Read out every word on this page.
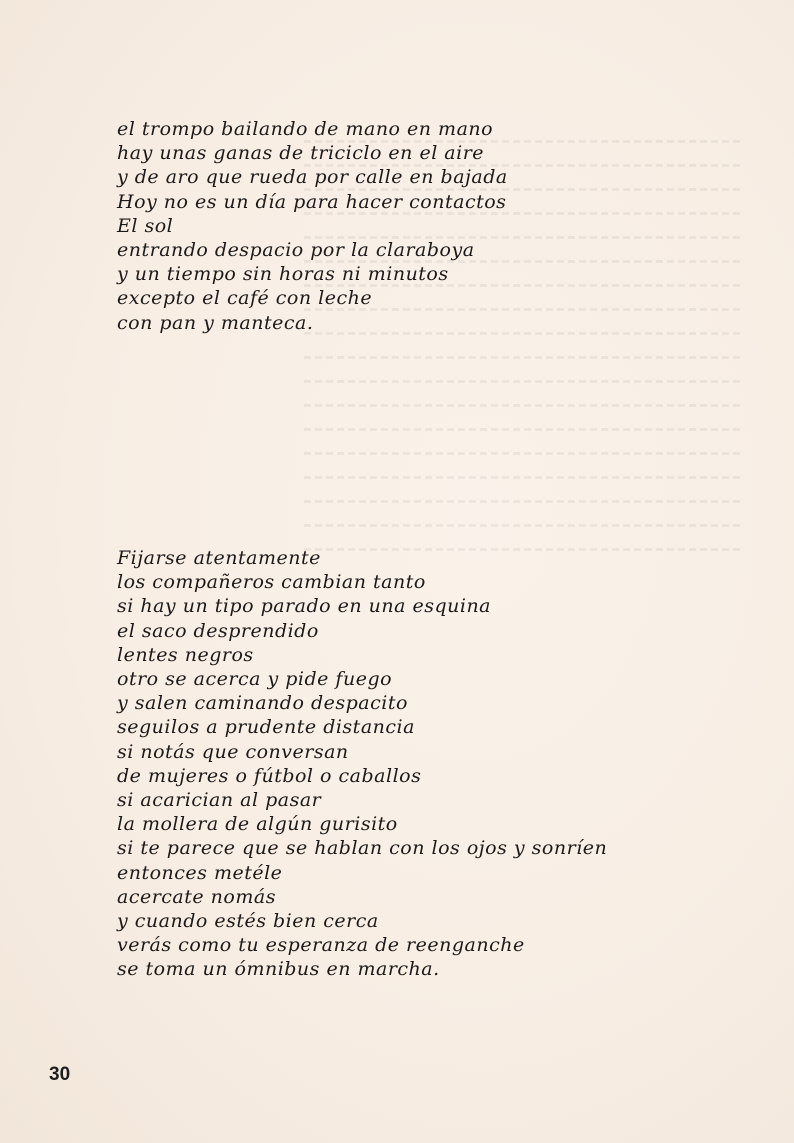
el trompo bailando de mano en mano
hay unas ganas de triciclo en el aire
y de aro que rueda por calle en bajada
Hoy no es un día para hacer contactos
El sol
entrando despacio por la claraboya
y un tiempo sin horas ni minutos
excepto el café con leche
con pan y manteca.
Fijarse atentamente
los compañeros cambian tanto
si hay un tipo parado en una esquina
el saco desprendido
lentes negros
otro se acerca y pide fuego
y salen caminando despacito
seguilos a prudente distancia
si notás que conversan
de mujeres o fútbol o caballos
si acarician al pasar
la mollera de algún gurisito
si te parece que se hablan con los ojos y sonríen
entonces metéle
acercate nomás
y cuando estés bien cerca
verás como tu esperanza de reenganche
se toma un ómnibus en marcha.
30
